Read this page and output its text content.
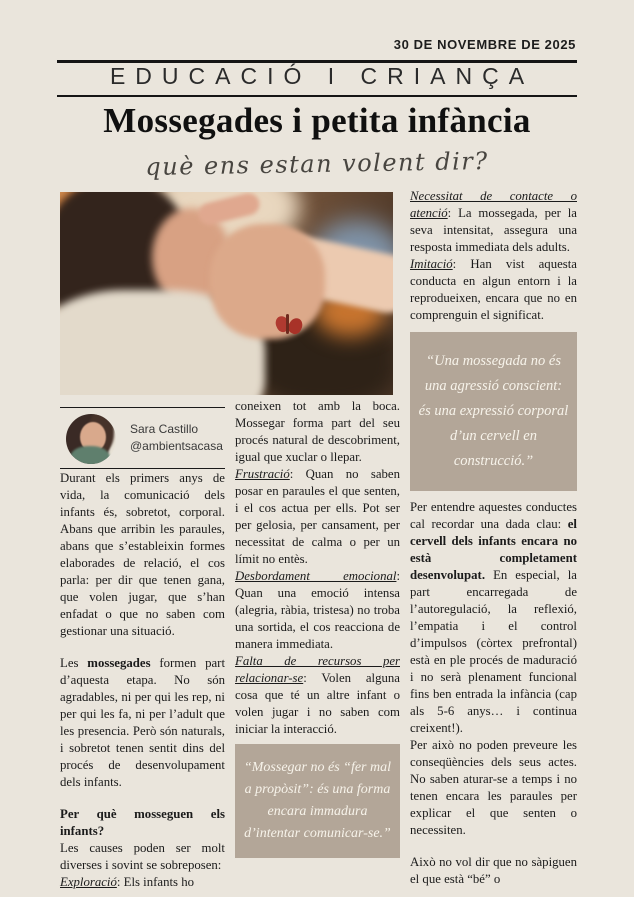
30 DE NOVEMBRE DE 2025
EDUCACIÓ I CRIANÇA
Mossegades i petita infància
què ens estan volent dir?
Sara Castillo
@ambientsacasa

Necessitat de contacte o atenció: La mossegada, per la seva intensitat, assegura una resposta immediata dels adults.

Imitació: Han vist aquesta conducta en algun entorn i la reprodueixen, encara que no en comprenguin el significat.

“Una mossegada no és una agressió conscient: és una expressió corporal d’un cervell en construcció.”

Per entendre aquestes conductes cal recordar una dada clau: el cervell dels infants encara no està completament desenvolupat. En especial, la part encarregada de l’autoregulació, la reflexió, l’empatia i el control d’impulsos (còrtex prefrontal) està en ple procés de maduració i no serà plenament funcional fins ben entrada la infància (cap als 5-6 anys… i continua creixent!).

Per això no poden preveure les conseqüències dels seus actes. No saben aturar-se a temps i no tenen encara les paraules per explicar el que senten o necessiten.

Això no vol dir que no sàpiguen el que està “bé” o

Durant els primers anys de vida, la comunicació dels infants és, sobretot, corporal. Abans que arribin les paraules, abans que s’estableixin formes elaborades de relació, el cos parla: per dir que tenen gana, que volen jugar, que s’han enfadat o que no saben com gestionar una situació.

Les mossegades formen part d’aquesta etapa. No són agradables, ni per qui les rep, ni per qui les fa, ni per l’adult que les presencia. Però són naturals, i sobretot tenen sentit dins del procés de desenvolupament dels infants.

Per què mosseguen els infants?

Les causes poden ser molt diverses i sovint se sobreposen:

Exploració: Els infants ho

coneixen tot amb la boca. Mossegar forma part del seu procés natural de descobriment, igual que xuclar o llepar.

Frustració: Quan no saben posar en paraules el que senten, i el cos actua per ells. Pot ser per gelosia, per cansament, per necessitat de calma o per un límit no entès.

Desbordament emocional: Quan una emoció intensa (alegria, ràbia, tristesa) no troba una sortida, el cos reacciona de manera immediata.

Falta de recursos per relacionar-se: Volen alguna cosa que té un altre infant o volen jugar i no saben com iniciar la interacció.

“Mossegar no és “fer mal a propòsit”: és una forma encara immadura d’intentar comunicar-se.”
